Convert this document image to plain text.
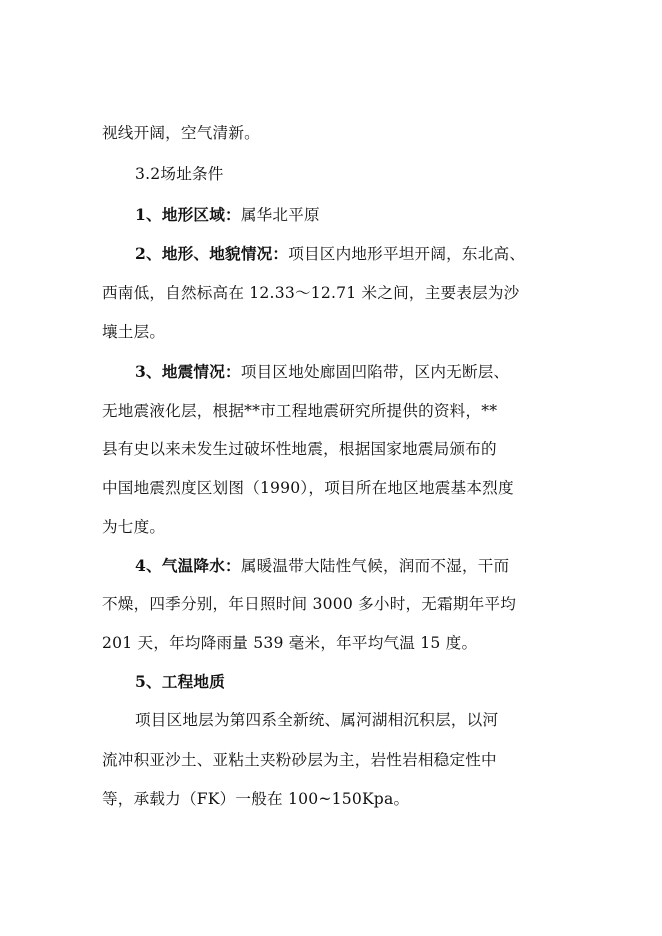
视线开阔，空气清新。
3.2场址条件
1、地形区域：属华北平原
2、地形、地貌情况：项目区内地形平坦开阔，东北高、
西南低，自然标高在 12.33～12.71 米之间，主要表层为沙
壤土层。
3、地震情况：项目区地处廊固凹陷带，区内无断层、
无地震液化层，根据**市工程地震研究所提供的资料，**
县有史以来未发生过破坏性地震，根据国家地震局颁布的
中国地震烈度区划图（1990），项目所在地区地震基本烈度
为七度。
4、气温降水：属暖温带大陆性气候，润而不湿，干而
不燥，四季分别，年日照时间 3000 多小时，无霜期年平均
201 天，年均降雨量 539 毫米，年平均气温 15 度。
5、工程地质
项目区地层为第四系全新统、属河湖相沉积层，以河
流冲积亚沙土、亚粘土夹粉砂层为主，岩性岩相稳定性中
等，承载力（FK）一般在 100~150Kpa。
